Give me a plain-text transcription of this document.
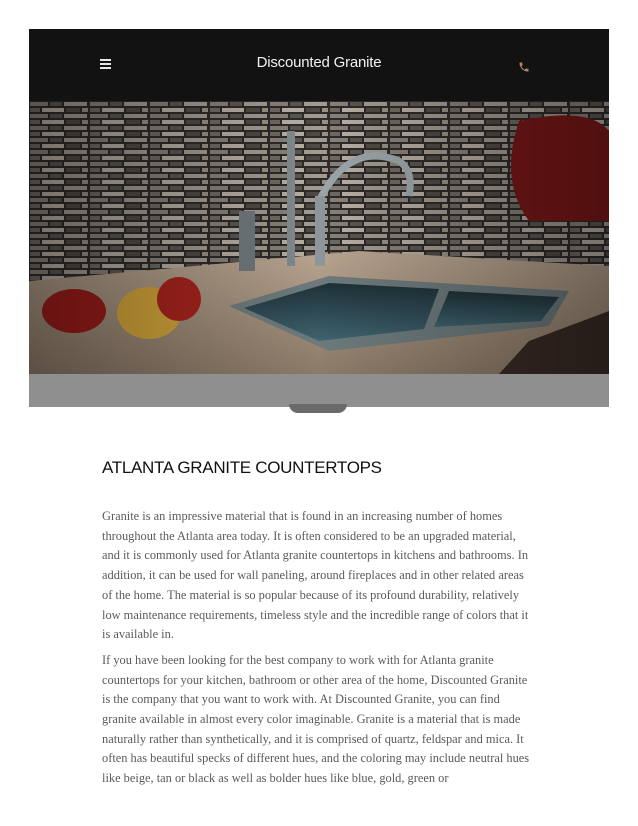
Discounted Granite
ATLANTA GRANITE COUNTERTOPS

Granite is an impressive material that is found in an increasing number of homes throughout the Atlanta area today. It is often considered to be an upgraded material, and it is commonly used for Atlanta granite countertops in kitchens and bathrooms. In addition, it can be used for wall paneling, around fireplaces and in other related areas of the home. The material is so popular because of its profound durability, relatively low maintenance requirements, timeless style and the incredible range of colors that it is available in.

If you have been looking for the best company to work with for Atlanta granite countertops for your kitchen, bathroom or other area of the home, Discounted Granite is the company that you want to work with. At Discounted Granite, you can find granite available in almost every color imaginable. Granite is a material that is made naturally rather than synthetically, and it is comprised of quartz, feldspar and mica. It often has beautiful specks of different hues, and the coloring may include neutral hues like beige, tan or black as well as bolder hues like blue, gold, green or
